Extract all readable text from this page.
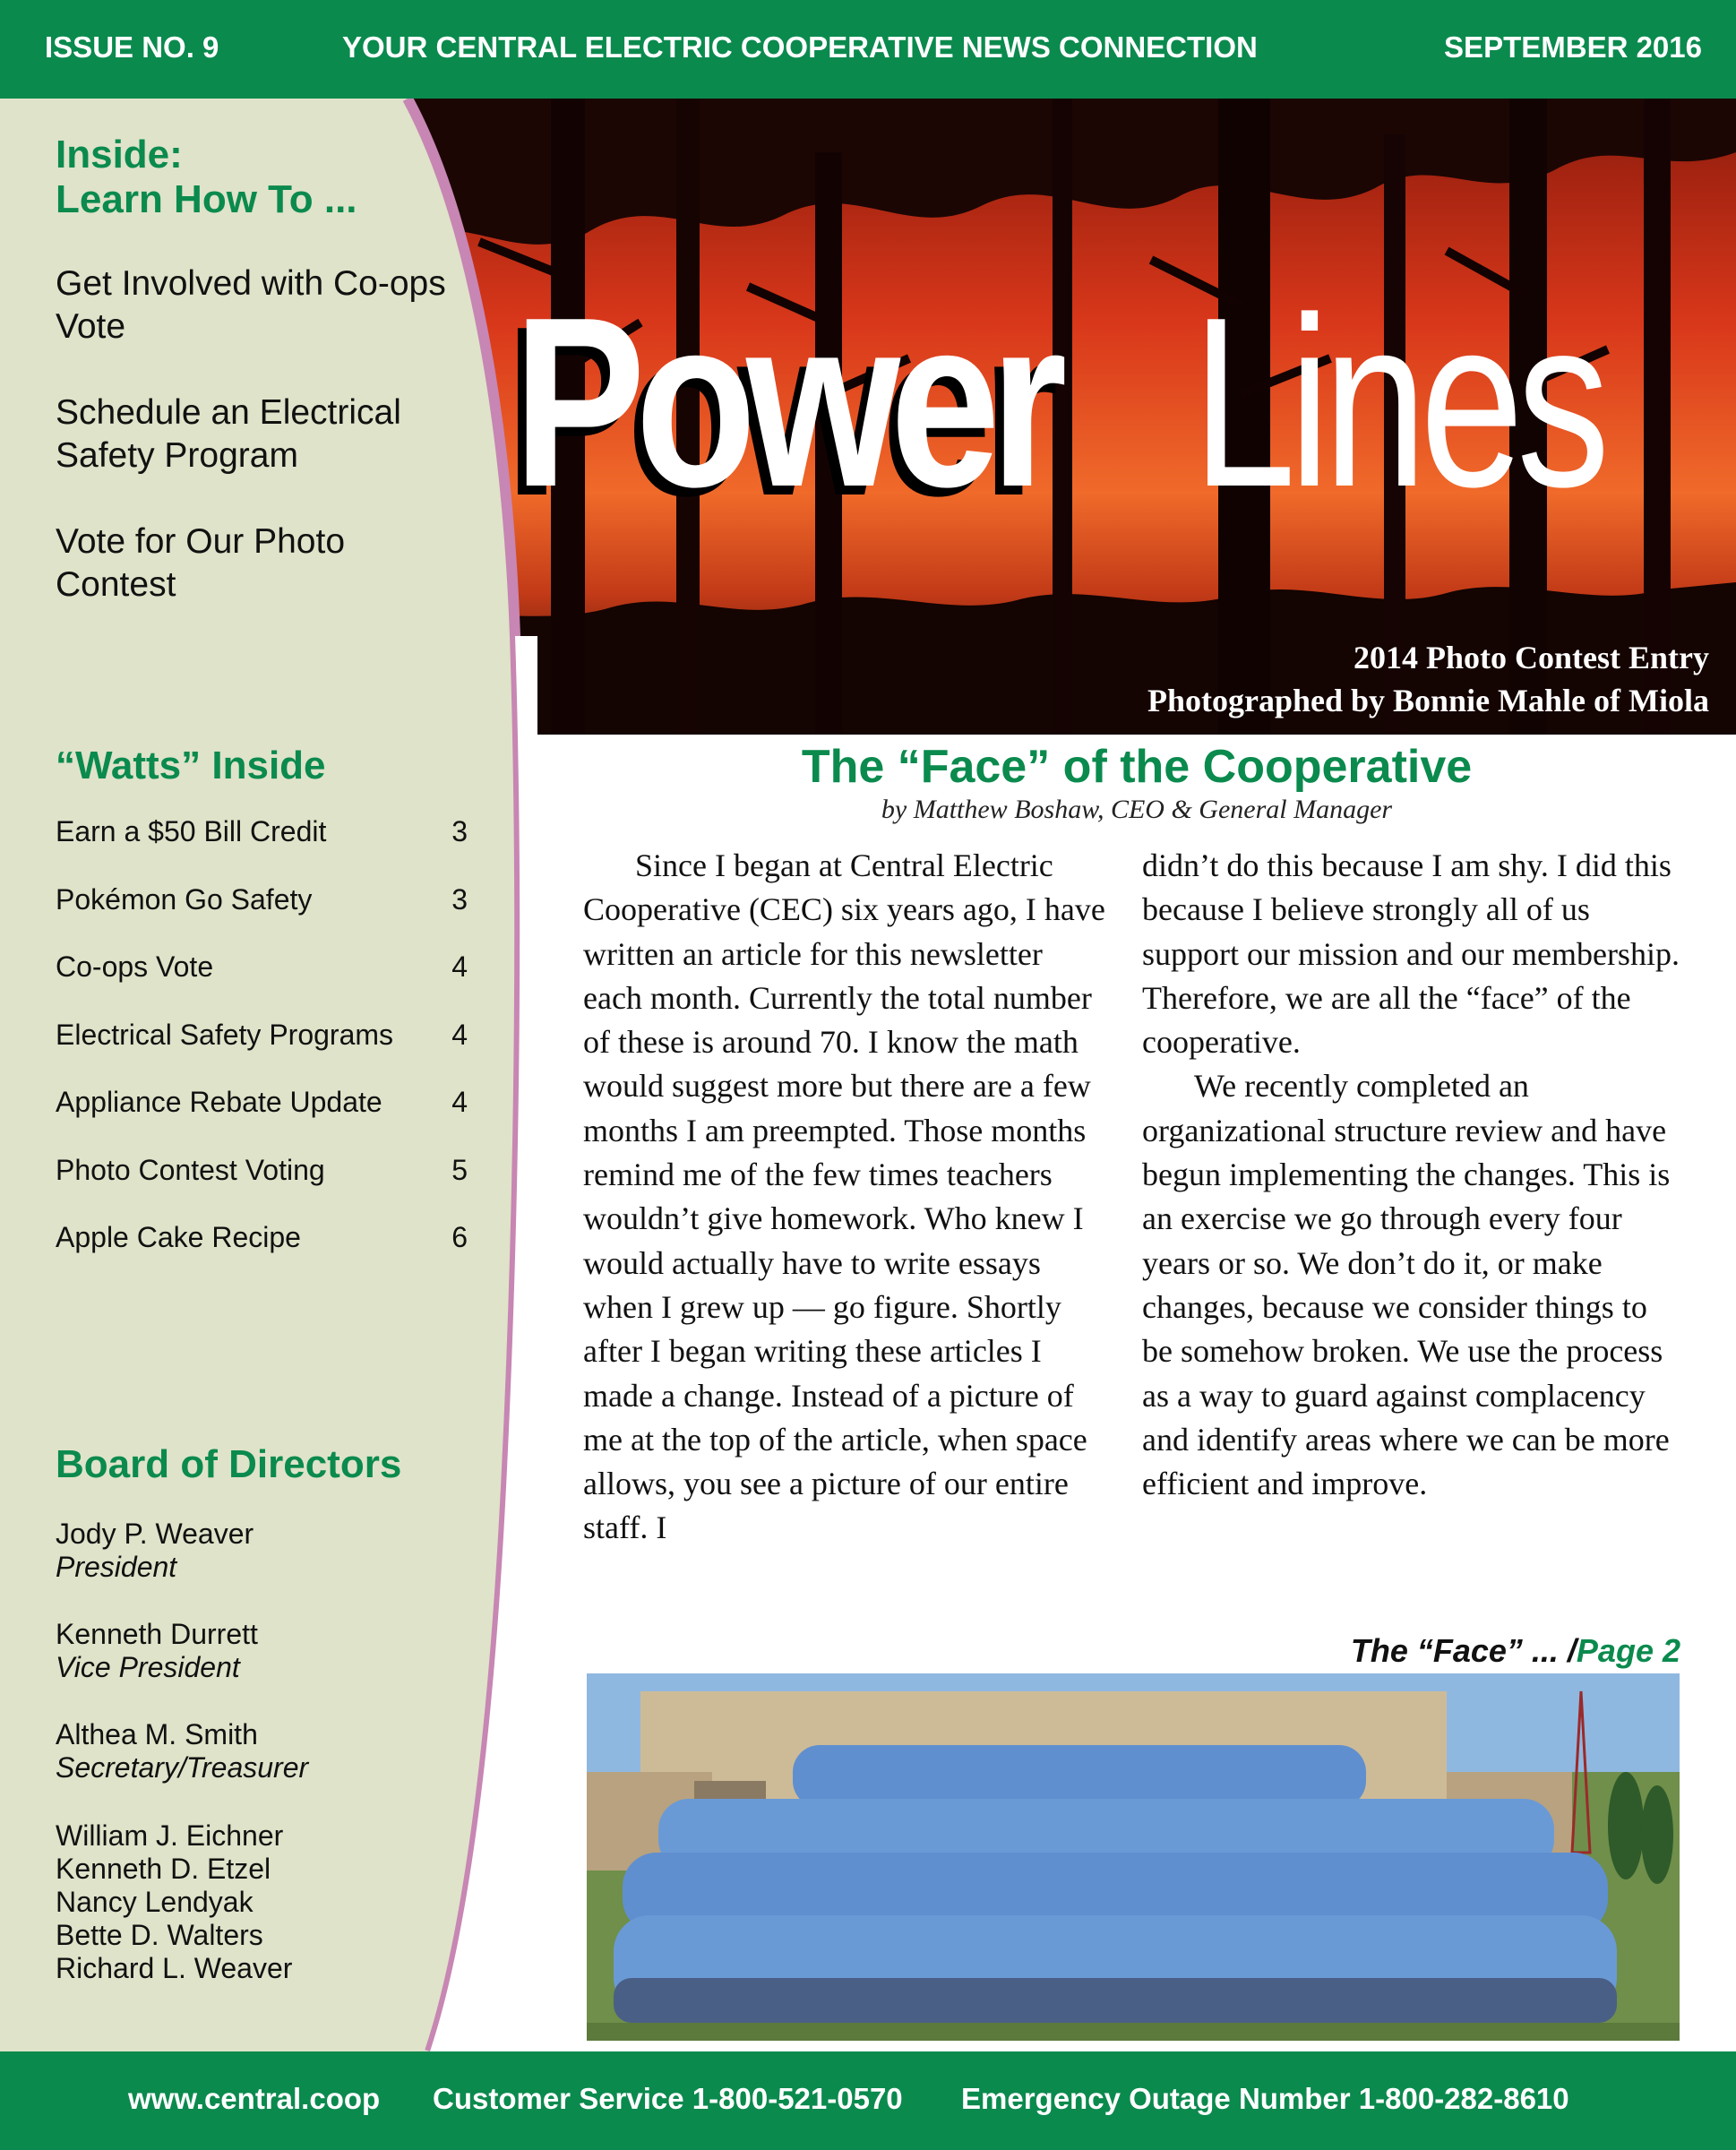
ISSUE NO. 9	YOUR CENTRAL ELECTRIC COOPERATIVE NEWS CONNECTION	SEPTEMBER 2016
Power Lines
2014 Photo Contest Entry
Photographed by Bonnie Mahle of Miola
Inside:
Learn How To ...
Get Involved with Co-ops Vote
Schedule an Electrical Safety Program
Vote for Our Photo Contest
“Watts” Inside
Earn a $50 Bill Credit	3
Pokémon Go Safety	3
Co-ops Vote	4
Electrical Safety Programs 4
Appliance Rebate Update 4
Photo Contest Voting	5
Apple Cake Recipe	6
Board of Directors
Jody P. Weaver
President
Kenneth Durrett
Vice President
Althea M. Smith
Secretary/Treasurer
William J. Eichner
Kenneth D. Etzel
Nancy Lendyak
Bette D. Walters
Richard L. Weaver
The “Face” of the Cooperative
by Matthew Boshaw, CEO & General Manager

Since I began at Central Electric Cooperative (CEC) six years ago, I have written an article for this newsletter each month. Currently the total number of these is around 70. I know the math would suggest more but there are a few months I am preempted. Those months remind me of the few times teachers wouldn’t give homework. Who knew I would actually have to write essays when I grew up — go figure. Shortly after I began writing these articles I made a change. Instead of a picture of me at the top of the article, when space allows, you see a picture of our entire staff. I

didn’t do this because I am shy. I did this because I believe strongly all of us support our mission and our membership. Therefore, we are all the “face” of the cooperative.

We recently completed an organizational structure review and have begun implementing the changes. This is an exercise we go through every four years or so. We don’t do it, or make changes, because we consider things to be somehow broken. We use the process as a way to guard against complacency and identify areas where we can be more efficient and improve.

The “Face” ... /Page 2
www.central.coop Customer Service 1-800-521-0570 Emergency Outage Number 1-800-282-8610
